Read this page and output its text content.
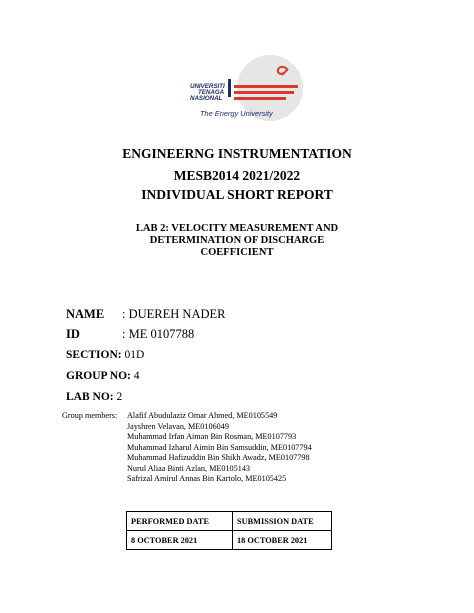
UNIVERSITI
TENAGA
NASIONAL
The Energy University
ENGINEERNG INSTRUMENTATION
MESB2014 2021/2022
INDIVIDUAL SHORT REPORT
LAB 2: VELOCITY MEASUREMENT AND
DETERMINATION OF DISCHARGE
COEFFICIENT
NAME : DUEREH NADER
ID	: ME 0107788
SECTION: 01D
GROUP NO: 4
LAB NO: 2
Group members: Alafif Abudulaziz Omar Ahmed, ME0105549
Jayshren Velavan, ME0106049
Muhammad Irfan Aiman Bin Rosman, ME0107793
Muhammad Izharul Aimin Bin Samsuddin, ME0107794
Muhammad Hafizuddin Bin Shikh Awadz, ME0107798
Nurul Aliaa Binti Azlan, ME0105143
Safrizal Amirul Annas Bin Kartolo, ME0105425
PERFORMED DATE	SUBMISSION DATE
8 OCTOBER 2021	18 OCTOBER 2021
